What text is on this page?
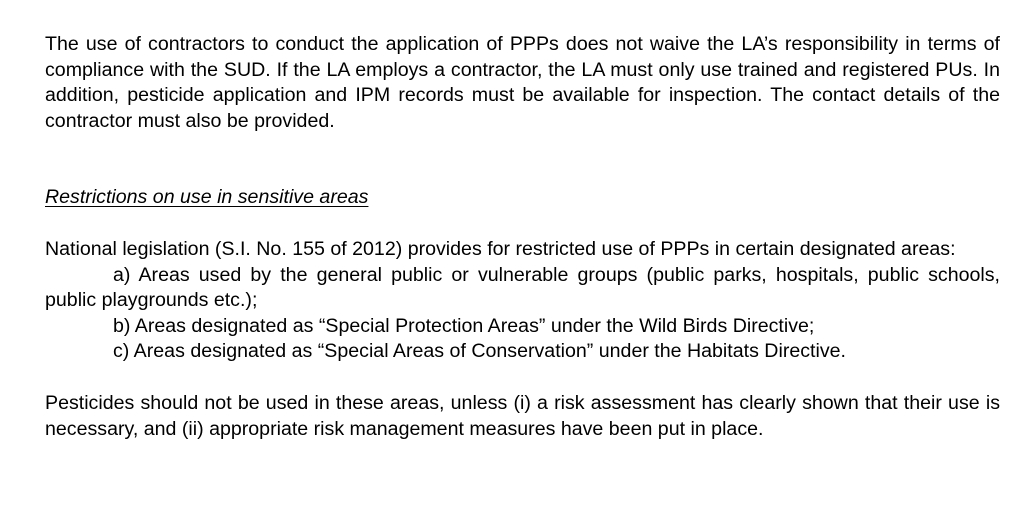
The use of contractors to conduct the application of PPPs does not waive the LA’s responsibility in terms of compliance with the SUD. If the LA employs a contractor, the LA must only use trained and registered PUs. In addition, pesticide application and IPM records must be available for inspection. The contact details of the contractor must also be provided.

Restrictions on use in sensitive areas

National legislation (S.I. No. 155 of 2012) provides for restricted use of PPPs in certain designated areas:

a) Areas used by the general public or vulnerable groups (public parks, hospitals, public schools, public playgrounds etc.);
b) Areas designated as “Special Protection Areas” under the Wild Birds Directive;
c) Areas designated as “Special Areas of Conservation” under the Habitats Directive.

Pesticides should not be used in these areas, unless (i) a risk assessment has clearly shown that their use is necessary, and (ii) appropriate risk management measures have been put in place.
